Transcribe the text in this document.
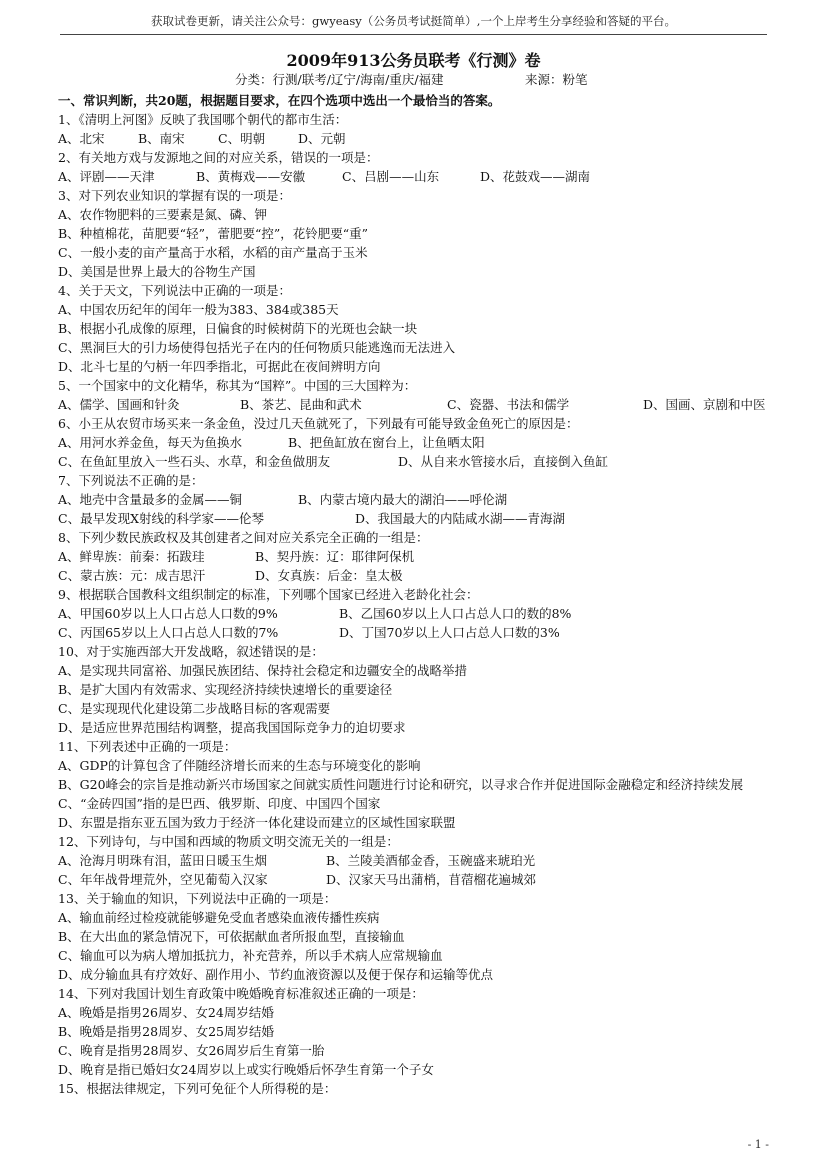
获取试卷更新，请关注公众号：gwyeasy（公务员考试挺简单）,一个上岸考生分享经验和答疑的平台。
2009年913公务员联考《行测》卷
分类：行测/联考/辽宁/海南/重庆/福建	来源：粉笔
一、常识判断，共20题，根据题目要求，在四个选项中选出一个最恰当的答案。
1、《清明上河图》反映了我国哪个朝代的都市生活：
A、北宋	B、南宋	C、明朝	D、元朝
2、有关地方戏与发源地之间的对应关系，错误的一项是：
A、评剧——天津	B、黄梅戏——安徽	C、吕剧——山东	D、花鼓戏——湖南
3、对下列农业知识的掌握有误的一项是：
A、农作物肥料的三要素是氮、磷、钾
B、种植棉花，苗肥要“轻”，蕾肥要“控”，花铃肥要“重”
C、一般小麦的亩产量高于水稻，水稻的亩产量高于玉米
D、美国是世界上最大的谷物生产国
4、关于天文，下列说法中正确的一项是：
A、中国农历纪年的闰年一般为383、384或385天
B、根据小孔成像的原理，日偏食的时候树荫下的光斑也会缺一块
C、黑洞巨大的引力场使得包括光子在内的任何物质只能逃逸而无法进入
D、北斗七星的勺柄一年四季指北，可据此在夜间辨明方向
5、一个国家中的文化精华，称其为“国粹”。中国的三大国粹为：
A、儒学、国画和针灸	B、茶艺、昆曲和武术	C、瓷器、书法和儒学	D、国画、京剧和中医
6、小王从农贸市场买来一条金鱼，没过几天鱼就死了，下列最有可能导致金鱼死亡的原因是：
A、用河水养金鱼，每天为鱼换水	B、把鱼缸放在窗台上，让鱼晒太阳
C、在鱼缸里放入一些石头、水草，和金鱼做朋友	D、从自来水管接水后，直接倒入鱼缸
7、下列说法不正确的是：
A、地壳中含量最多的金属——铜	B、内蒙古境内最大的湖泊——呼伦湖
C、最早发现X射线的科学家——伦琴	D、我国最大的内陆咸水湖——青海湖
8、下列少数民族政权及其创建者之间对应关系完全正确的一组是：
A、鲜卑族：前秦：拓跋珪	B、契丹族：辽：耶律阿保机
C、蒙古族：元：成吉思汗	D、女真族：后金：皇太极
9、根据联合国教科文组织制定的标准，下列哪个国家已经进入老龄化社会：
A、甲国60岁以上人口占总人口数的9%	B、乙国60岁以上人口占总人口的数的8%
C、丙国65岁以上人口占总人口数的7%	D、丁国70岁以上人口占总人口数的3%
10、对于实施西部大开发战略，叙述错误的是：
A、是实现共同富裕、加强民族团结、保持社会稳定和边疆安全的战略举措
B、是扩大国内有效需求、实现经济持续快速增长的重要途径
C、是实现现代化建设第二步战略目标的客观需要
D、是适应世界范围结构调整，提高我国国际竞争力的迫切要求
11、下列表述中正确的一项是：
A、GDP的计算包含了伴随经济增长而来的生态与环境变化的影响
B、G20峰会的宗旨是推动新兴市场国家之间就实质性问题进行讨论和研究，以寻求合作并促进国际金融稳定和经济持续发展
C、“金砖四国”指的是巴西、俄罗斯、印度、中国四个国家
D、东盟是指东亚五国为致力于经济一体化建设而建立的区域性国家联盟
12、下列诗句，与中国和西域的物质文明交流无关的一组是：
A、沧海月明珠有泪，蓝田日暖玉生烟	B、兰陵美酒郁金香，玉碗盛来琥珀光
C、年年战骨埋荒外，空见葡萄入汉家	D、汉家天马出蒲梢，苜蓿榴花遍城郊
13、关于输血的知识，下列说法中正确的一项是：
A、输血前经过检疫就能够避免受血者感染血液传播性疾病
B、在大出血的紧急情况下，可依据献血者所报血型，直接输血
C、输血可以为病人增加抵抗力，补充营养，所以手术病人应常规输血
D、成分输血具有疗效好、副作用小、节约血液资源以及便于保存和运输等优点
14、下列对我国计划生育政策中晚婚晚育标准叙述正确的一项是：
A、晚婚是指男26周岁、女24周岁结婚
B、晚婚是指男28周岁、女25周岁结婚
C、晚育是指男28周岁、女26周岁后生育第一胎
D、晚育是指已婚妇女24周岁以上或实行晚婚后怀孕生育第一个子女
15、根据法律规定，下列可免征个人所得税的是：
- 1 -
